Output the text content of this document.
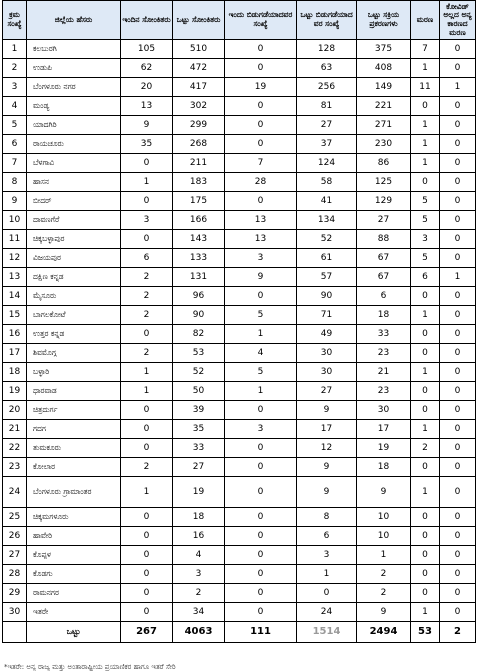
ಕ್ರಮ ಸಂಖ್ಯೆ	ಜಿಲ್ಲೆಯ ಹೆಸರು	ಇಂದಿನ ಸೋಂಕಿತರು	ಒಟ್ಟು ಸೋಂಕಿತರು	ಇಂದು ಬಿಡುಗಡೆಯಾದವರ ಸಂಖ್ಯೆ	ಒಟ್ಟು ಬಿಡುಗಡೆಯಾದ ವರ ಸಂಖ್ಯೆ	ಒಟ್ಟು ಸಕ್ರಿಯ ಪ್ರಕರಣಗಳು	ಮರಣ	ಕೋವಿಡ್ ಅಲ್ಲದ ಅನ್ಯ ಕಾರಣದ ಮರಣ
1	ಕಲಬುರಗಿ	105	510	0	128	375	7	0
2	ಉಡುಪಿ	62	472	0	63	408	1	0
3	ಬೆಂಗಳೂರು ನಗರ	20	417	19	256	149	11	1
4	ಮಂಡ್ಯ	13	302	0	81	221	0	0
5	ಯಾದಗಿರಿ	9	299	0	27	271	1	0
6	ರಾಯಚೂರು	35	268	0	37	230	1	0
7	ಬೆಳಗಾವಿ	0	211	7	124	86	1	0
8	ಹಾಸನ	1	183	28	58	125	0	0
9	ಬೀದರ್	0	175	0	41	129	5	0
10	ದಾವಣಗೆರೆ	3	166	13	134	27	5	0
11	ಚಿಕ್ಕಬಳ್ಳಾಪುರ	0	143	13	52	88	3	0
12	ವಿಜಯಪುರ	6	133	3	61	67	5	0
13	ದಕ್ಷಿಣ ಕನ್ನಡ	2	131	9	57	67	6	1
14	ಮೈಸೂರು	2	96	0	90	6	0	0
15	ಬಾಗಲಕೋಟೆ	2	90	5	71	18	1	0
16	ಉತ್ತರ ಕನ್ನಡ	0	82	1	49	33	0	0
17	ಶಿವಮೊಗ್ಗ	2	53	4	30	23	0	0
18	ಬಳ್ಳಾರಿ	1	52	5	30	21	1	0
19	ಧಾರವಾಡ	1	50	1	27	23	0	0
20	ಚಿತ್ರದುರ್ಗ	0	39	0	9	30	0	0
21	ಗದಗ	0	35	3	17	17	1	0
22	ತುಮಕೂರು	0	33	0	12	19	2	0
23	ಕೋಲಾರ	2	27	0	9	18	0	0
24	ಬೆಂಗಳೂರು ಗ್ರಾಮಾಂತರ	1	19	0	9	9	1	0
25	ಚಿಕ್ಕಮಗಳೂರು	0	18	0	8	10	0	0
26	ಹಾವೇರಿ	0	16	0	6	10	0	0
27	ಕೊಪ್ಪಳ	0	4	0	3	1	0	0
28	ಕೊಡಗು	0	3	0	1	2	0	0
29	ರಾಮನಗರ	0	2	0	0	2	0	0
30	ಇತರೇ	0	34	0	24	9	1	0
	ಒಟ್ಟು	267	4063	111	1514	2494	53	2
*ಇತರೇ: ಅನ್ಯ ರಾಜ್ಯ ಮತ್ತು ಅಂತಾರಾಷ್ಟ್ರೀಯ ಪ್ರಯಾಣಿಕರ ಹಾಗೂ ಇತರೆ ಸೇರಿ
